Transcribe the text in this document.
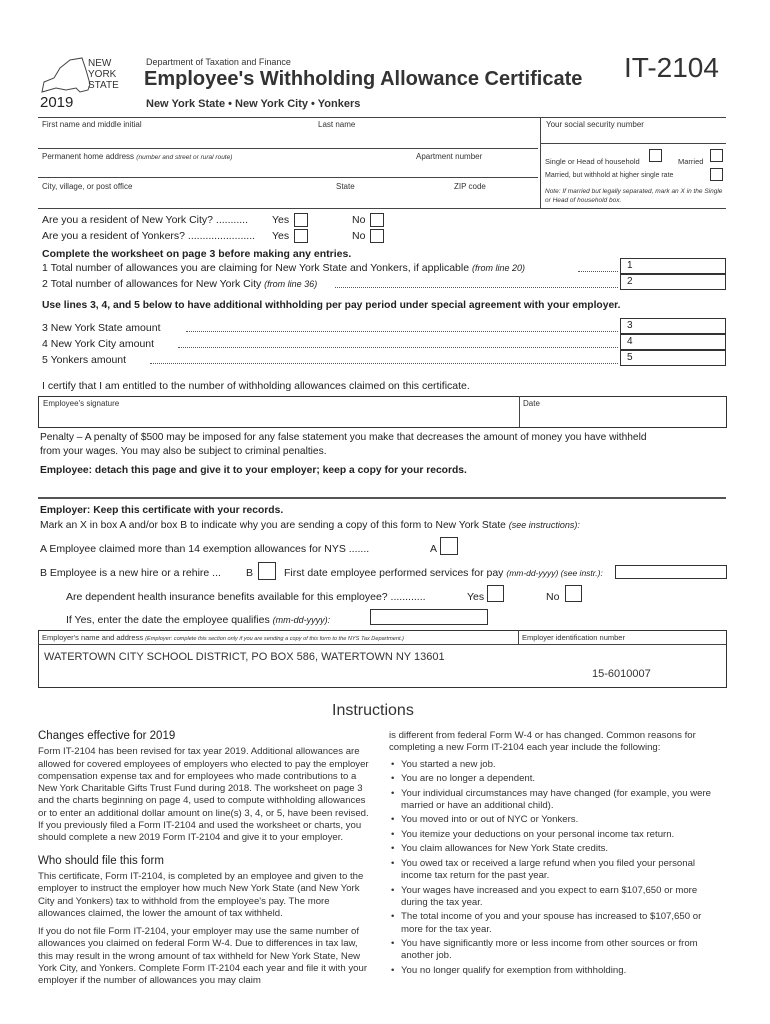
NEW
YORK
STATE
2019
Department of Taxation and Finance
Employee's Withholding Allowance Certificate
New York State • New York City • Yonkers
IT-2104
First name and middle initial	Last name	Your social security number
Permanent home address (number and street or rural route)	Apartment number
Single or Head of household	Married
Married, but withhold at higher single rate
Note: If married but legally separated, mark an X in the Single or Head of household box.
City, village, or post office	State	ZIP code
Are you a resident of New York City? ........... Yes	No
Are you a resident of Yonkers? ....................... Yes	No
Complete the worksheet on page 3 before making any entries.
1 Total number of allowances you are claiming for New York State and Yonkers, if applicable (from line 20)
2 Total number of allowances for New York City (from line 36)
1
2
Use lines 3, 4, and 5 below to have additional withholding per pay period under special agreement with your employer.
3 New York State amount
4 New York City amount
5 Yonkers amount
3
4
5
I certify that I am entitled to the number of withholding allowances claimed on this certificate.
Employee's signature	Date
Penalty – A penalty of $500 may be imposed for any false statement you make that decreases the amount of money you have withheld
from your wages. You may also be subject to criminal penalties.
Employee: detach this page and give it to your employer; keep a copy for your records.
Employer: Keep this certificate with your records.
Mark an X in box A and/or box B to indicate why you are sending a copy of this form to New York State (see instructions):
A Employee claimed more than 14 exemption allowances for NYS .......	A
B Employee is a new hire or a rehire ... B	First date employee performed services for pay (mm-dd-yyyy) (see instr.):
Are dependent health insurance benefits available for this employee? ............	Yes	No
If Yes, enter the date the employee qualifies (mm-dd-yyyy):
Employer's name and address (Employer: complete this section only if you are sending a copy of this form to the NYS Tax Department.)	Employer identification number
WATERTOWN CITY SCHOOL DISTRICT, PO BOX 586, WATERTOWN NY 13601
15-6010007
Instructions
Changes effective for 2019

Form IT-2104 has been revised for tax year 2019. Additional allowances are allowed for covered employees of employers who elected to pay the employer compensation expense tax and for employees who made contributions to a New York Charitable Gifts Trust Fund during 2018. The worksheet on page 3 and the charts beginning on page 4, used to compute withholding allowances or to enter an additional dollar amount on line(s) 3, 4, or 5, have been revised. If you previously filed a Form IT-2104 and used the worksheet or charts, you should complete a new 2019 Form IT-2104 and give it to your employer.

Who should file this form

This certificate, Form IT-2104, is completed by an employee and given to the employer to instruct the employer how much New York State (and New York City and Yonkers) tax to withhold from the employee's pay. The more allowances claimed, the lower the amount of tax withheld.

If you do not file Form IT-2104, your employer may use the same number of allowances you claimed on federal Form W-4. Due to differences in tax law, this may result in the wrong amount of tax withheld for New York State, New York City, and Yonkers. Complete Form IT-2104 each year and file it with your employer if the number of allowances you may claim

is different from federal Form W-4 or has changed. Common reasons for completing a new Form IT-2104 each year include the following:

• You started a new job.
• You are no longer a dependent.
• Your individual circumstances may have changed (for example, you were married or have an additional child).
• You moved into or out of NYC or Yonkers.
• You itemize your deductions on your personal income tax return.
• You claim allowances for New York State credits.
• You owed tax or received a large refund when you filed your personal income tax return for the past year.
• Your wages have increased and you expect to earn $107,650 or more during the tax year.
• The total income of you and your spouse has increased to $107,650 or more for the tax year.
• You have significantly more or less income from other sources or from another job.
• You no longer qualify for exemption from withholding.
